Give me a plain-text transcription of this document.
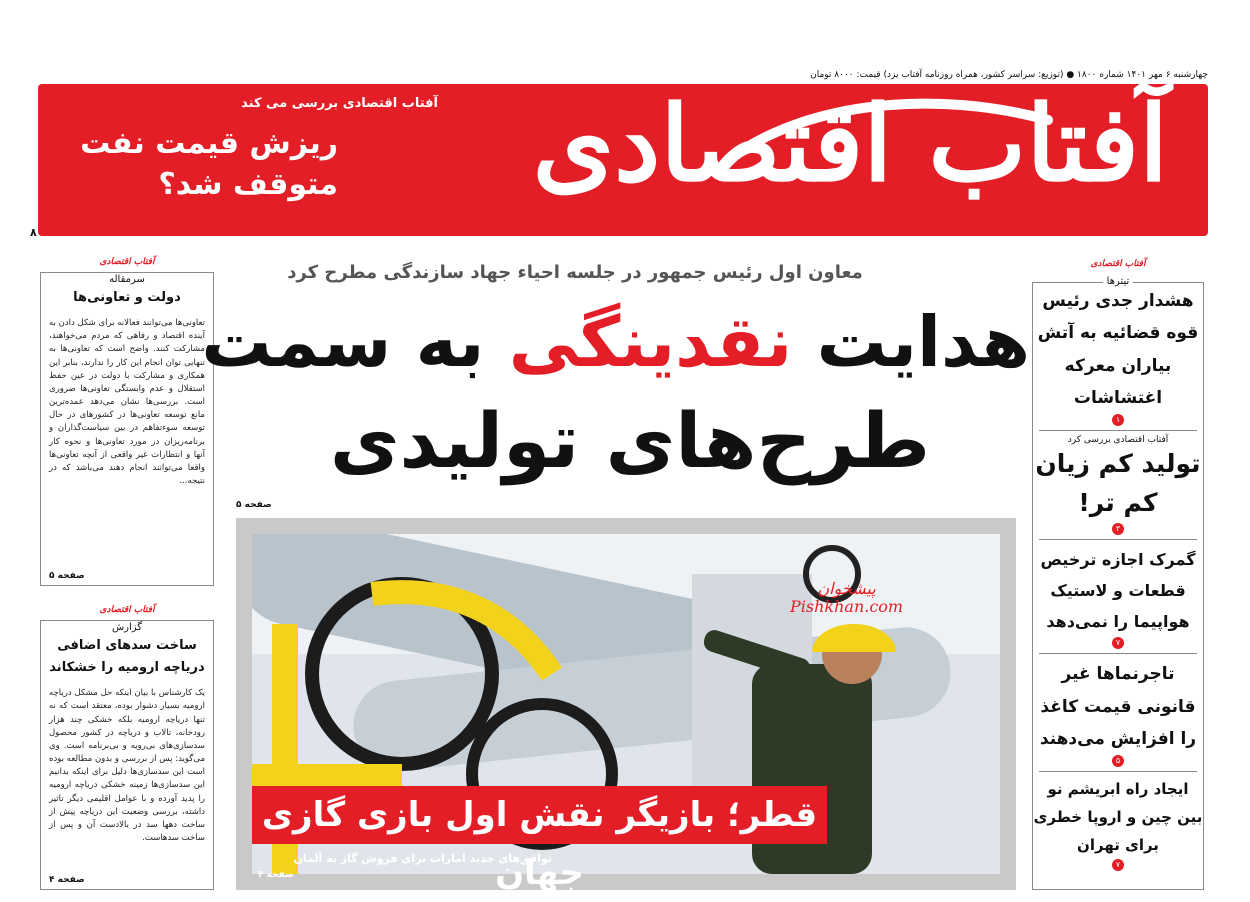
چهارشنبه ۶ مهر ۱۴۰۱ شماره ۱۸۰۰ ● (توزیع: سراسر کشور، همراه روزنامه آفتاب یزد) قیمت: ۸۰۰۰ تومان
آفتاب اقتصادی
آفتاب اقتصادی بررسی می کند
ریزش قیمت نفت متوقف شد؟
۸
آفتاب اقتصادی
سرمقاله
دولت و تعاونی‌ها
تعاونی‌ها می‌توانند فعالانه برای شکل دادن به آینده اقتصاد و رفاهی که مردم می‌خواهند، مشارکت کنند. واضح است که تعاونی‌ها به تنهایی توان انجام این کار را ندارند، بنابر این همکاری و مشارکت با دولت در عین حفظ استقلال و عدم وابستگی تعاونی‌ها ضروری است. بررسی‌ها نشان می‌دهد عمده‌ترین مانع توسعه تعاونی‌ها در کشورهای در حال توسعه سوءتفاهم در بین سیاست‌گذاران و برنامه‌ریزان در مورد تعاونی‌ها و نحوه کار آنها و انتظارات غیر واقعی از آنچه تعاونی‌ها واقعا می‌توانند انجام دهند می‌باشد که در نتیجه...
صفحه ۵
آفتاب اقتصادی
گزارش
ساخت سدهای اضافی دریاچه ارومیه را خشکاند
یک کارشناس با بیان اینکه حل مشکل دریاچه ارومیه بسیار دشوار بوده، معتقد است که نه تنها دریاچه ارومیه بلکه خشکی چند هزار رودخانه، تالاب و دریاچه در کشور محصول سدسازی‌های بی‌رویه و بی‌برنامه است. وی می‌گوید: پس از بررسی و بدون مطالعه بوده است این سدسازی‌ها دلیل برای اینکه بدانیم این سدسازی‌ها زمینه خشکی دریاچه ارومیه را پدید آورده و با عوامل اقلیمی دیگر تاثیر داشته، بررسی وضعیت این دریاچه پیش از ساخت دهها سد در بالادست آن و پس از ساخت سدهاست.
صفحه ۴
معاون اول رئیس جمهور در جلسه احیاء جهاد سازندگی مطرح کرد
هدایت نقدینگی به سمت
طرح‌های تولیدی
صفحه ۵
پیشخوان
Pishkhan.com
قطر؛ بازیگر نقش اول بازی گازی جهان
توافق‌های جدید امارات برای فروش گاز به آلمان
صفحه ۴
آفتاب اقتصادی
تیترها
هشدار جدی رئیس قوه قضائیه به آتش بیاران معرکه اغتشاشات
۱
آفتاب اقتصادی بررسی کرد
تولید کم زیان کم تر!
۳
گمرک اجازه ترخیص قطعات و لاستیک هواپیما را نمی‌دهد
۷
تاجرنماها غیر قانونی قیمت کاغذ را افزایش می‌دهند
۵
ایجاد راه ابریشم نو بین چین و اروپا خطری برای تهران
۷
